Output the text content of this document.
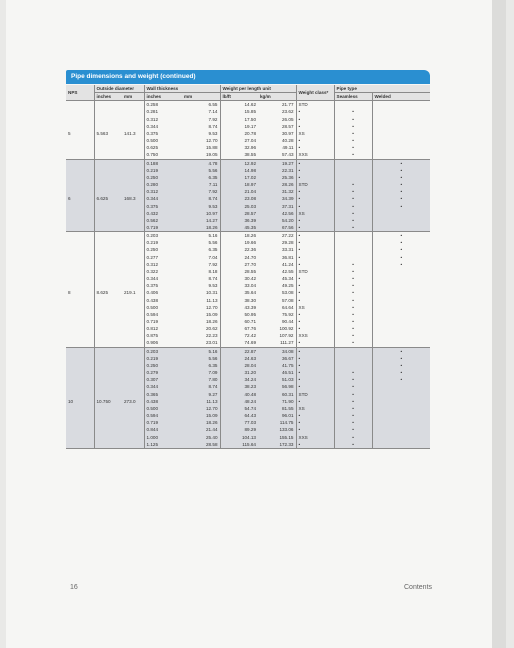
Pipe dimensions and weight (continued)
NPS	Outside diameter		Wall thickness		Weight per length unit		Weight class*	Pipe type	
	inches	mm	inches	mm	lb/ft	kg/m		Seamless	Welded
			0.258	6.55	14.62	21.77	STD		
			0.281	7.14	15.85	23.62	•	•	
			0.312	7.92	17.50	26.05	•	•	
			0.344	8.74	19.17	28.57	•	•	
5	5.563	141.3	0.375	9.53	20.78	30.97	XS	•	
			0.500	12.70	27.04	40.28	•	•	
			0.625	15.88	32.96	49.11	•	•	
			0.750	19.05	38.55	57.43	XXS	•	
			0.188	4.78	12.92	19.27	•		•
			0.219	5.56	14.98	22.31	•		•
			0.250	6.35	17.02	25.36	•		•
			0.280	7.11	18.97	28.26	STD	•	•
			0.312	7.92	21.04	31.32	•	•	•
6	6.625	168.3	0.344	8.74	23.08	34.39	•	•	•
			0.375	9.53	25.03	37.31	•	•	•
			0.432	10.97	28.57	42.56	XS	•	
			0.562	14.27	36.39	54.20	•	•	
			0.719	18.26	45.35	67.56	•	•	
			0.203	5.16	18.26	27.22	•		•
			0.219	5.56	19.66	29.28	•		•
			0.250	6.35	22.36	33.31	•		•
			0.277	7.04	24.70	36.81	•		•
			0.312	7.92	27.70	41.24	•	•	•
			0.322	8.18	28.55	42.55	STD	•	
			0.344	8.74	30.42	45.34	•	•	
			0.375	9.53	33.04	49.25	•	•	
8	8.625	219.1	0.406	10.31	35.64	53.08	•	•	
			0.438	11.13	38.30	57.08	•	•	
			0.500	12.70	43.39	64.64	XS	•	
			0.594	15.09	50.95	75.92	•	•	
			0.719	18.26	60.71	90.44	•	•	
			0.812	20.62	67.76	100.92	•	•	
			0.875	22.23	72.42	107.92	XXS	•	
			0.906	23.01	74.69	111.27	•	•	
			0.203	5.16	22.87	34.08	•		•
			0.219	5.56	24.63	36.67	•		•
			0.250	6.35	28.04	41.75	•		•
			0.279	7.09	31.20	46.51	•	•	•
			0.307	7.80	34.24	51.03	•	•	•
			0.344	8.74	38.23	56.98	•	•	
			0.365	9.27	40.48	60.31	STD	•	
10	10.750	273.0	0.438	11.13	48.24	71.90	•	•	
			0.500	12.70	54.74	81.55	XS	•	
			0.594	15.09	64.43	96.01	•	•	
			0.719	18.26	77.03	114.75	•	•	
			0.844	21.44	89.29	133.06	•	•	
			1.000	25.40	104.13	155.15	XXS	•	
			1.125	28.58	115.64	172.33	•	•	
16	Contents
